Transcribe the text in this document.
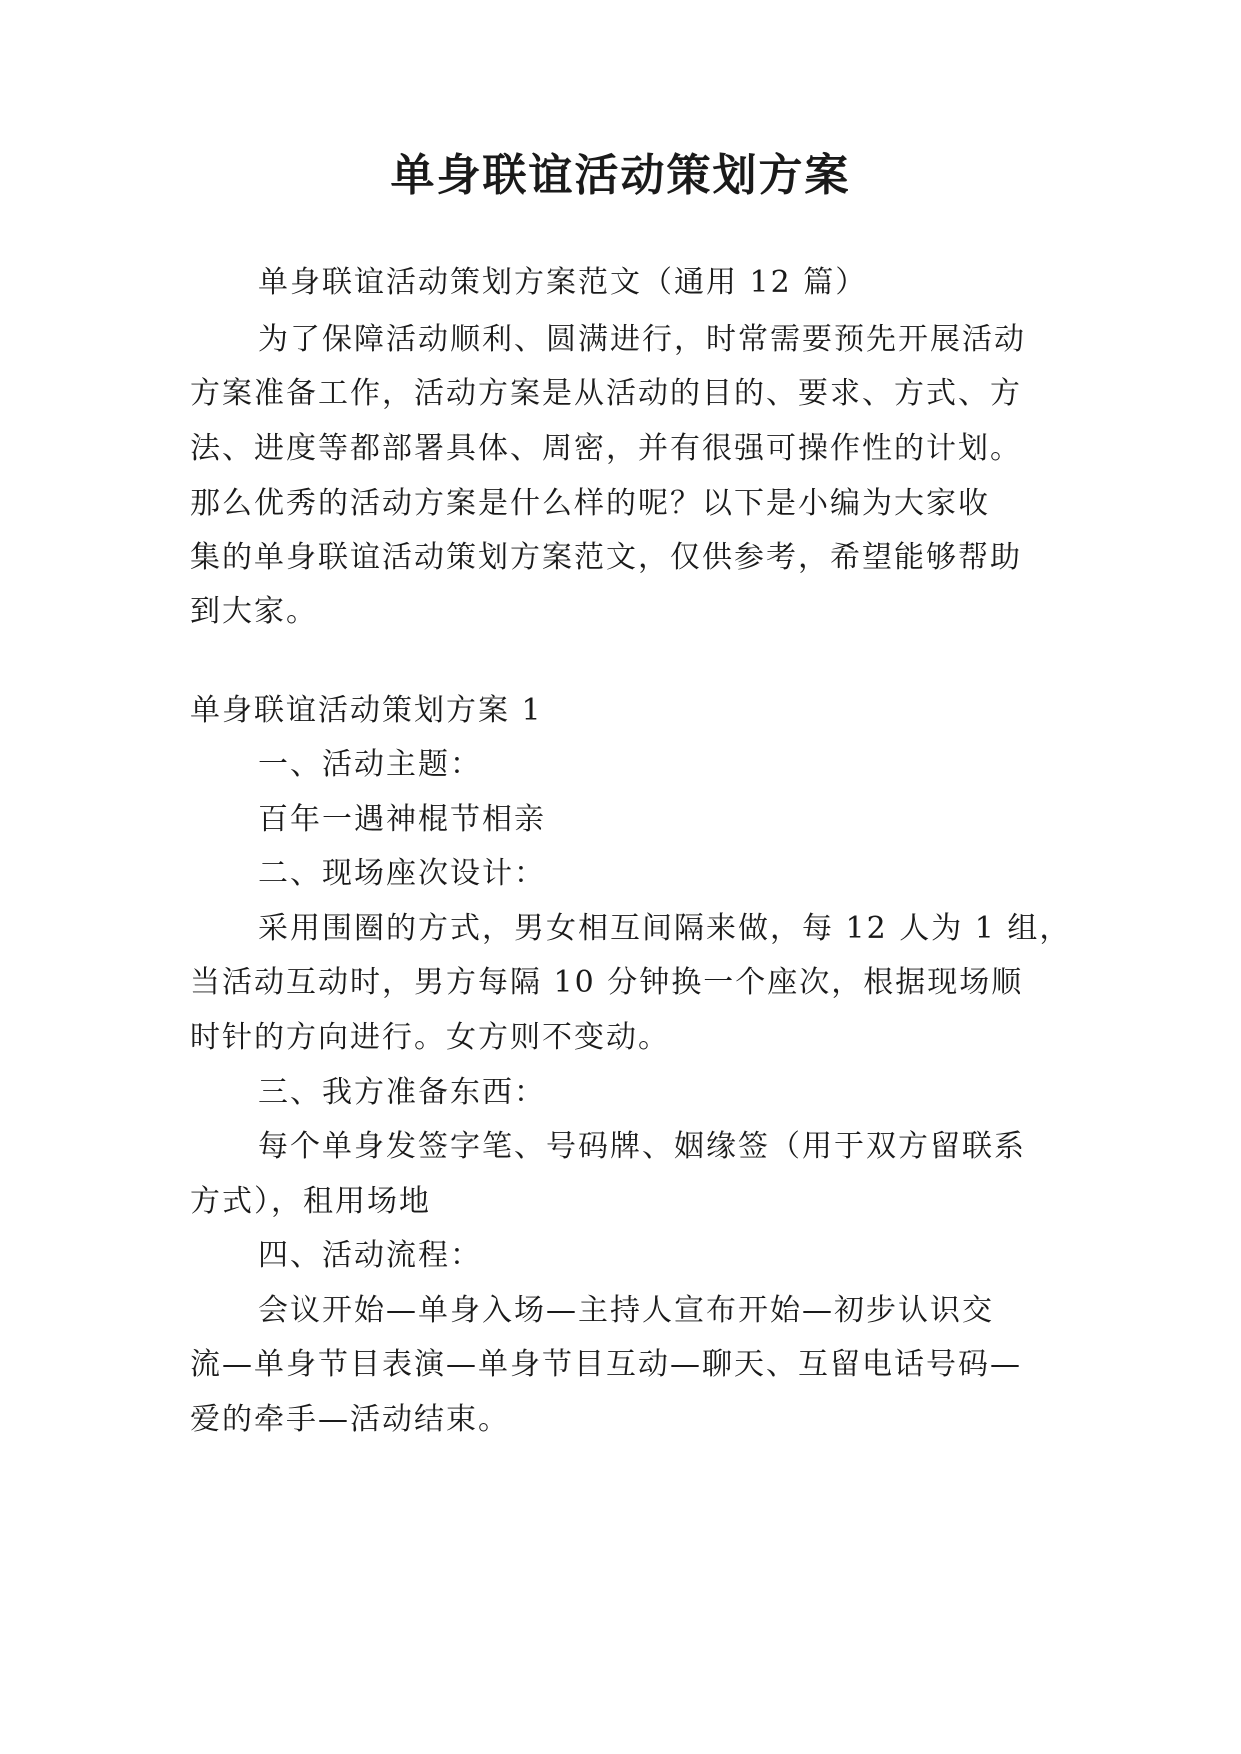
单身联谊活动策划方案
单身联谊活动策划方案范文（通用 12 篇）
为了保障活动顺利、圆满进行，时常需要预先开展活动
方案准备工作，活动方案是从活动的目的、要求、方式、方
法、进度等都部署具体、周密，并有很强可操作性的计划。
那么优秀的活动方案是什么样的呢？以下是小编为大家收
集的单身联谊活动策划方案范文，仅供参考，希望能够帮助
到大家。
单身联谊活动策划方案 1
一、活动主题：
百年一遇神棍节相亲
二、现场座次设计：
采用围圈的方式，男女相互间隔来做，每 12 人为 1 组，
当活动互动时，男方每隔 10 分钟换一个座次，根据现场顺
时针的方向进行。女方则不变动。
三、我方准备东西：
每个单身发签字笔、号码牌、姻缘签（用于双方留联系
方式），租用场地
四、活动流程：
会议开始—单身入场—主持人宣布开始—初步认识交
流—单身节目表演—单身节目互动—聊天、互留电话号码—
爱的牵手—活动结束。
